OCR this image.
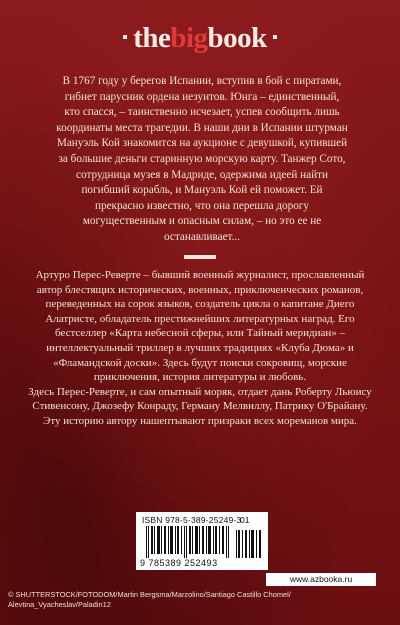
thebigbook

В 1767 году у берегов Испании, вступив в бой с пиратами, гибнет парусник ордена иезуитов. Юнга – единственный, кто спасся, – таинственно исчезает, успев сообщить лишь координаты места трагедии. В наши дни в Испании штурман Мануэль Кой знакомится на аукционе с девушкой, купившей за большие деньги старинную морскую карту. Танжер Сото, сотрудница музея в Мадриде, одержима идеей найти погибший корабль, и Мануэль Кой ей поможет. Ей прекрасно известно, что она перешла дорогу могущественным и опасным силам, – но это ее не останавливает...

Артуро Перес-Реверте – бывший военный журналист, прославленный автор блестящих исторических, военных, приключенческих романов, переведенных на сорок языков, создатель цикла о капитане Диего Алатристе, обладатель престижнейших литературных наград. Его бестселлер «Карта небесной сферы, или Тайный меридиан» – интеллектуальный триллер в лучших традициях «Клуба Дюма» и «Фламандской доски». Здесь будут поиски сокровищ, морские приключения, история литературы и любовь.

Здесь Перес-Реверте, и сам опытный моряк, отдает дань Роберту Льюису Стивенсону, Джозефу Конраду, Герману Мелвиллу, Патрику О'Брайану. Эту историю автору нашептывают призраки всех мореманов мира.

ISBN 978-5-389-25249-3
01
9 785389 252493
www.azbooka.ru
© SHUTTERSTOCK/FOTODOM/Martin Bergsma/Marzolino/Santiago Castillo Chomel/ Alevtina_Vyacheslav/Paladin12
